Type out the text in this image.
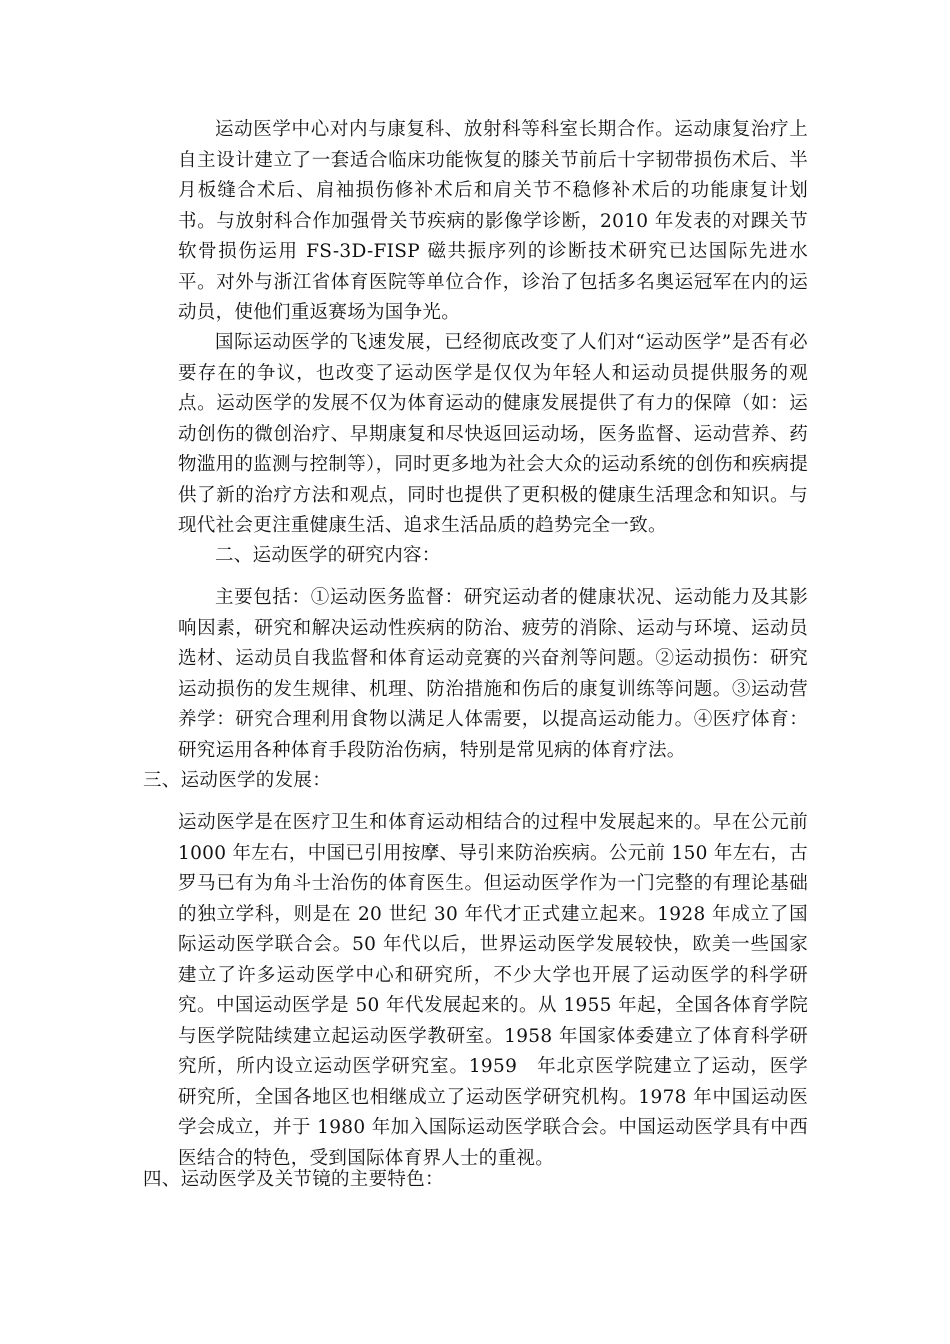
运动医学中心对内与康复科、放射科等科室长期合作。运动康复治疗上自主设计建立了一套适合临床功能恢复的膝关节前后十字韧带损伤术后、半月板缝合术后、肩袖损伤修补术后和肩关节不稳修补术后的功能康复计划书。与放射科合作加强骨关节疾病的影像学诊断，2010 年发表的对踝关节软骨损伤运用 FS-3D-FISP 磁共振序列的诊断技术研究已达国际先进水平。对外与浙江省体育医院等单位合作，诊治了包括多名奥运冠军在内的运动员，使他们重返赛场为国争光。

国际运动医学的飞速发展，已经彻底改变了人们对“运动医学”是否有必要存在的争议，也改变了运动医学是仅仅为年轻人和运动员提供服务的观点。运动医学的发展不仅为体育运动的健康发展提供了有力的保障（如：运动创伤的微创治疗、早期康复和尽快返回运动场，医务监督、运动营养、药物滥用的监测与控制等），同时更多地为社会大众的运动系统的创伤和疾病提供了新的治疗方法和观点，同时也提供了更积极的健康生活理念和知识。与现代社会更注重健康生活、追求生活品质的趋势完全一致。

二、运动医学的研究内容：

主要包括：①运动医务监督：研究运动者的健康状况、运动能力及其影响因素，研究和解决运动性疾病的防治、疲劳的消除、运动与环境、运动员选材、运动员自我监督和体育运动竞赛的兴奋剂等问题。②运动损伤：研究运动损伤的发生规律、机理、防治措施和伤后的康复训练等问题。③运动营养学：研究合理利用食物以满足人体需要，以提高运动能力。④医疗体育：研究运用各种体育手段防治伤病，特别是常见病的体育疗法。

三、运动医学的发展：

运动医学是在医疗卫生和体育运动相结合的过程中发展起来的。早在公元前 1000 年左右，中国已引用按摩、导引来防治疾病。公元前 150 年左右，古罗马已有为角斗士治伤的体育医生。但运动医学作为一门完整的有理论基础的独立学科，则是在 20 世纪 30 年代才正式建立起来。1928 年成立了国际运动医学联合会。50 年代以后，世界运动医学发展较快，欧美一些国家建立了许多运动医学中心和研究所，不少大学也开展了运动医学的科学研究。中国运动医学是 50 年代发展起来的。从 1955 年起，全国各体育学院与医学院陆续建立起运动医学教研室。1958 年国家体委建立了体育科学研究所，所内设立运动医学研究室。1959　年北京医学院建立了运动，医学研究所，全国各地区也相继成立了运动医学研究机构。1978 年中国运动医学会成立，并于 1980 年加入国际运动医学联合会。中国运动医学具有中西医结合的特色，受到国际体育界人士的重视。

四、运动医学及关节镜的主要特色：
